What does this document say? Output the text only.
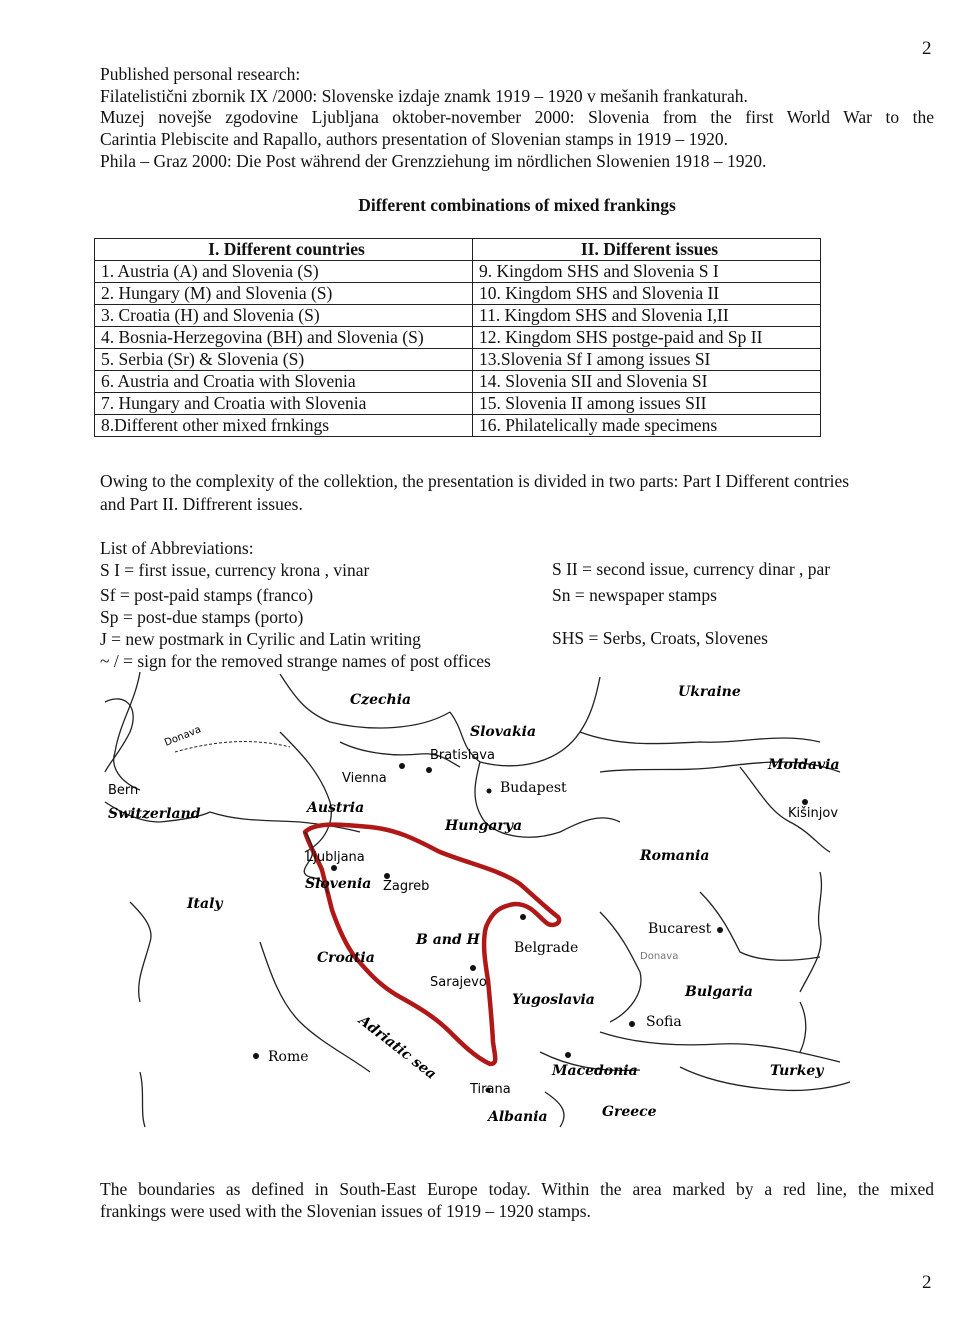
2
2
Published personal research:
Filatelistični zbornik IX /2000: Slovenske izdaje znamk 1919 – 1920 v mešanih frankaturah.
Muzej novejše zgodovine Ljubljana oktober-november 2000: Slovenia from the first World War to the
Carintia Plebiscite and Rapallo, authors presentation of Slovenian stamps in 1919 – 1920.
Phila – Graz 2000: Die Post während der Grenzziehung im nördlichen Slowenien 1918 – 1920.
Different combinations of mixed frankings
I. Different countries	II. Different issues
1. Austria (A) and Slovenia (S)	9. Kingdom SHS and Slovenia S I
2. Hungary (M) and Slovenia (S)	10. Kingdom SHS and Slovenia II
3. Croatia (H) and Slovenia (S)	11. Kingdom SHS and Slovenia I,II
4. Bosnia-Herzegovina (BH) and Slovenia (S)	12. Kingdom SHS postge-paid and Sp II
5. Serbia (Sr) & Slovenia (S)	13.Slovenia Sf I among issues SI
6. Austria and Croatia with Slovenia	14. Slovenia SII and Slovenia SI
7. Hungary and Croatia with Slovenia	15. Slovenia II among issues SII
8.Different other mixed frnkings	16. Philatelically made specimens
Owing to the complexity of the collektion, the presentation is divided in two parts: Part I Different contries
and Part II. Diffrerent issues.
List of Abbreviations:
S I = first issue, currency krona , vinar
Sf = post-paid stamps (franco)
Sp = post-due stamps (porto)
J = new postmark in Cyrilic and Latin writing
~ / = sign for the removed strange names of post offices
S II = second issue, currency dinar , par
Sn = newspaper stamps
SHS = Serbs, Croats, Slovenes
Czechia
Slovakia
Ukraine
Bratislava
Vienna
Budapest
Moldavia
Kišinjov
Bern
Switzerland	Austria
Hungarya
Ljubljana
Slovenia Zagreb
Romania
Italy
Bucarest
Donava
B and H Belgrade
Croatia
Sarajevo
Yugoslavia	Bulgaria
Sofia
Adriatic sea
Rome
Macedonia	Turkey
Tirana
Albania	Greece
Donava
The boundaries as defined in South-East Europe today. Within the area marked by a red line, the mixed
frankings were used with the Slovenian issues of 1919 – 1920 stamps.
